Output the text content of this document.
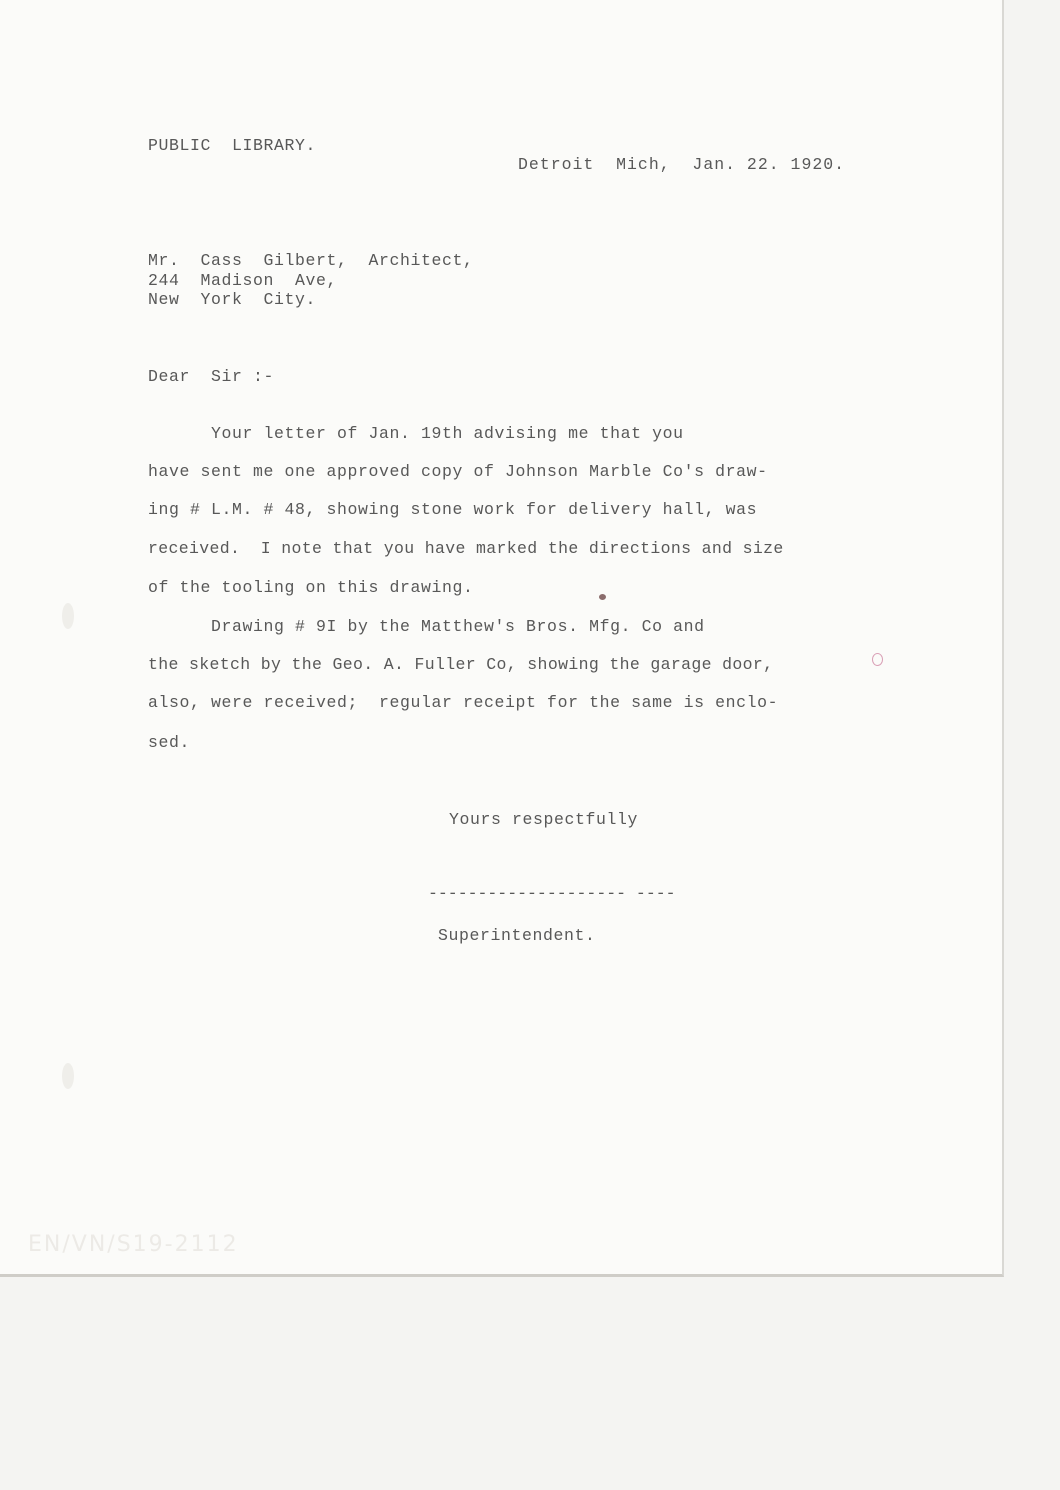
PUBLIC  LIBRARY.
Detroit  Mich,  Jan. 22. 1920.
Mr.  Cass  Gilbert,  Architect,
244  Madison  Ave,
New  York  City.
Dear  Sir :-
Your letter of Jan. 19th advising me that you
have sent me one approved copy of Johnson Marble Co's draw-
ing # L.M. # 48, showing stone work for delivery hall, was
received.  I note that you have marked the directions and size
of the tooling on this drawing.
Drawing # 9I by the Matthew's Bros. Mfg. Co and
the sketch by the Geo. A. Fuller Co, showing the garage door,
also, were received;  regular receipt for the same is enclo-
sed.
Yours respectfully
-------------------- ----
Superintendent.
EN/VN/S19-2112
